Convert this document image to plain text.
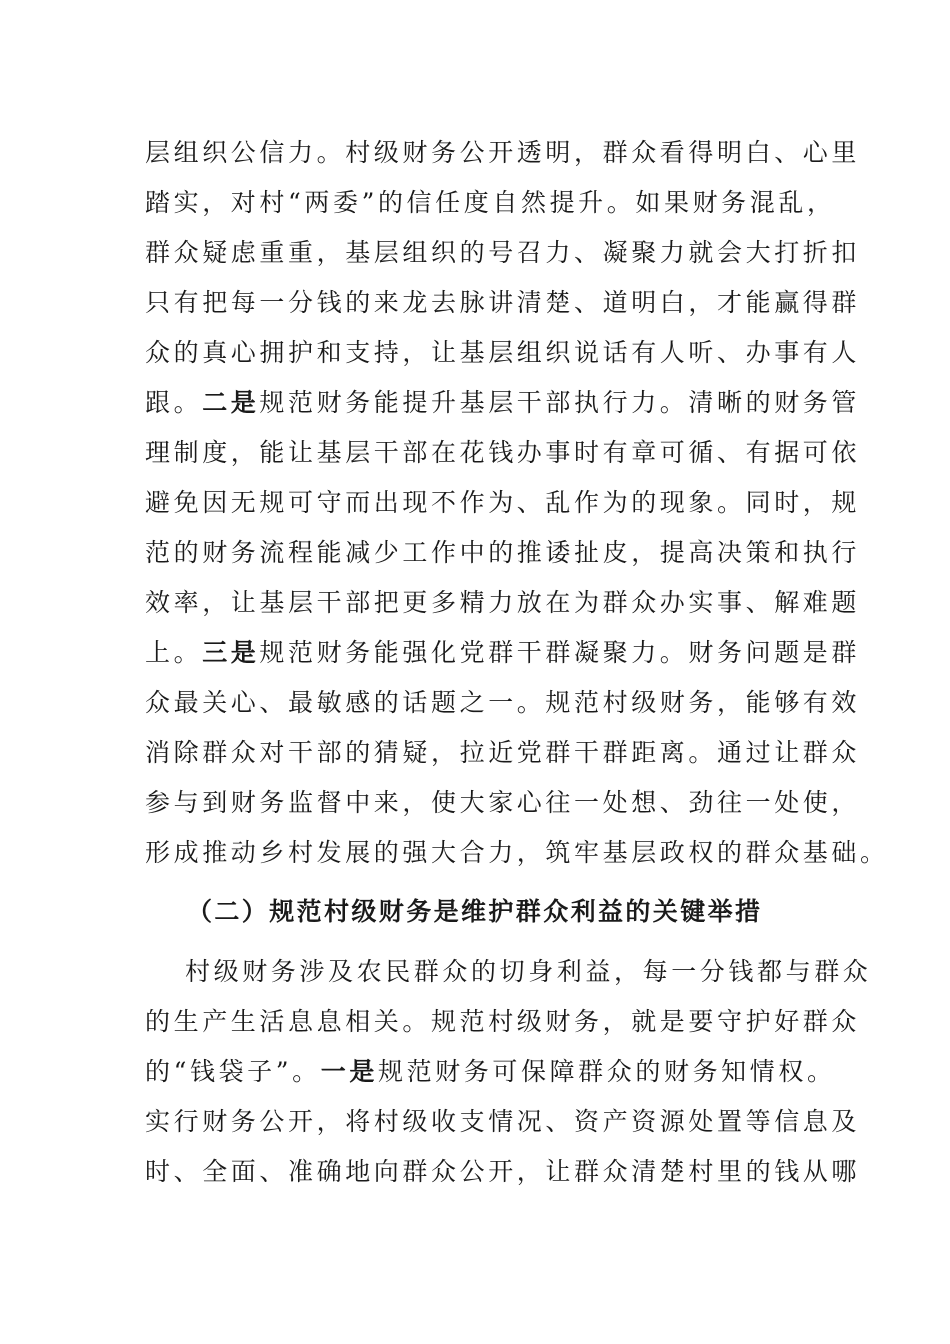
层组织公信力。村级财务公开透明，群众看得明白、心里
踏实，对村“两委”的信任度自然提升。如果财务混乱，
群众疑虑重重，基层组织的号召力、凝聚力就会大打折扣
只有把每一分钱的来龙去脉讲清楚、道明白，才能赢得群
众的真心拥护和支持，让基层组织说话有人听、办事有人
跟。二是规范财务能提升基层干部执行力。清晰的财务管
理制度，能让基层干部在花钱办事时有章可循、有据可依
避免因无规可守而出现不作为、乱作为的现象。同时，规
范的财务流程能减少工作中的推诿扯皮，提高决策和执行
效率，让基层干部把更多精力放在为群众办实事、解难题
上。三是规范财务能强化党群干群凝聚力。财务问题是群
众最关心、最敏感的话题之一。规范村级财务，能够有效
消除群众对干部的猜疑，拉近党群干群距离。通过让群众
参与到财务监督中来，使大家心往一处想、劲往一处使，
形成推动乡村发展的强大合力，筑牢基层政权的群众基础。
（二）规范村级财务是维护群众利益的关键举措
村级财务涉及农民群众的切身利益，每一分钱都与群众
的生产生活息息相关。规范村级财务，就是要守护好群众
的“钱袋子”。一是规范财务可保障群众的财务知情权。
实行财务公开，将村级收支情况、资产资源处置等信息及
时、全面、准确地向群众公开，让群众清楚村里的钱从哪
